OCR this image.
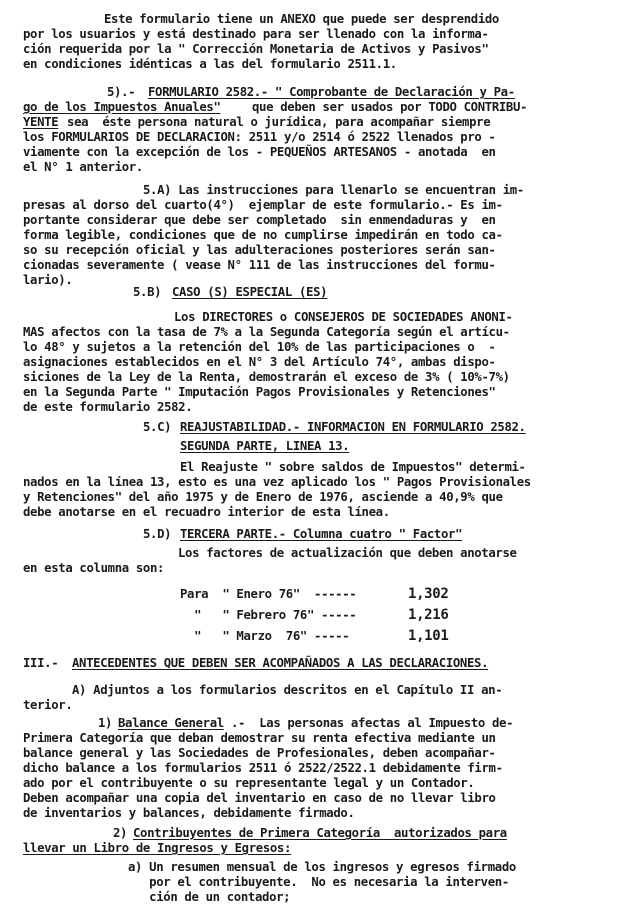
Este formulario tiene un ANEXO que puede ser desprendido
por los usuarios y está destinado para ser llenado con la informa-
ción requerida por la " Corrección Monetaria de Activos y Pasivos"
en condiciones idénticas a las del formulario 2511.1.
5).- FORMULARIO 2582.- " Comprobante de Declaración y Pa-
go de los Impuestos Anuales"	que deben ser usados por TODO CONTRIBU-
YENTE sea  éste persona natural o jurídica, para acompañar siempre
los FORMULARIOS DE DECLARACION: 2511 y/o 2514 ó 2522 llenados pro -
viamente con la excepción de los - PEQUEÑOS ARTESANOS - anotada  en
el N° 1 anterior.
5.A) Las instrucciones para llenarlo se encuentran im-
presas al dorso del cuarto(4°)  ejemplar de este formulario.- Es im-
portante considerar que debe ser completado  sin enmendaduras y  en
forma legible, condiciones que de no cumplirse impedirán en todo ca-
so su recepción oficial y las adulteraciones posteriores serán san-
cionadas severamente ( vease N° 111 de las instrucciones del formu-
lario).
5.B) CASO (S) ESPECIAL (ES)
Los DIRECTORES o CONSEJEROS DE SOCIEDADES ANONI-
MAS afectos con la tasa de 7% a la Segunda Categoría según el artícu-
lo 48° y sujetos a la retención del 10% de las participaciones o  -
asignaciones establecidos en el N° 3 del Artículo 74°, ambas dispo-
siciones de la Ley de la Renta, demostrarán el exceso de 3% ( 10%-7%)
en la Segunda Parte " Imputación Pagos Provisionales y Retenciones"
de este formulario 2582.
5.C) REAJUSTABILIDAD.- INFORMACION EN FORMULARIO 2582.
SEGUNDA PARTE, LINEA 13.
El Reajuste " sobre saldos de Impuestos" determi-
nados en la línea 13, esto es una vez aplicado los " Pagos Provisionales
y Retenciones" del año 1975 y de Enero de 1976, asciende a 40,9% que
debe anotarse en el recuadro interior de esta línea.
5.D) TERCERA PARTE.- Columna cuatro " Factor"
Los factores de actualización que deben anotarse
en esta columna son:
Para  " Enero 76"  ------	1,302
"   " Febrero 76" -----	1,216
"   " Marzo  76" -----	1,101
III.- ANTECEDENTES QUE DEBEN SER ACOMPAÑADOS A LAS DECLARACIONES.
A) Adjuntos a los formularios descritos en el Capítulo II an-
terior.
1) Balance General .-  Las personas afectas al Impuesto de-
Primera Categoría que deban demostrar su renta efectiva mediante un
balance general y las Sociedades de Profesionales, deben acompañar-
dicho balance a los formularios 2511 ó 2522/2522.1 debidamente firm-
ado por el contribuyente o su representante legal y un Contador.
Deben acompañar una copia del inventario en caso de no llevar libro
de inventarios y balances, debidamente firmado.
2) Contribuyentes de Primera Categoría  autorizados para
llevar un Libro de Ingresos y Egresos:
a) Un resumen mensual de los ingresos y egresos firmado
por el contribuyente.  No es necesaria la interven-
ción de un contador;
